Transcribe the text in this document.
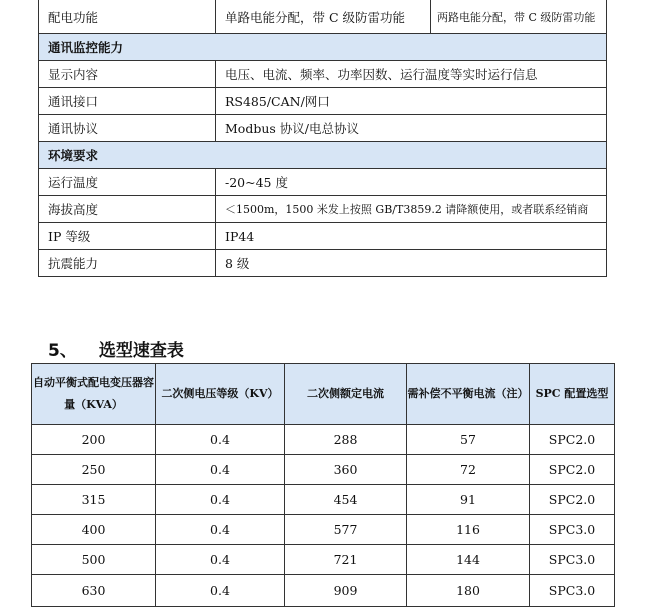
配电功能	单路电能分配，带 C 级防雷功能	两路电能分配，带 C 级防雷功能
通讯监控能力		
显示内容	电压、电流、频率、功率因数、运行温度等实时运行信息	
通讯接口	RS485/CAN/网口	
通讯协议	Modbus 协议/电总协议	
环境要求		
运行温度	-20~45 度	
海拔高度	＜1500m，1500 米发上按照 GB/T3859.2 请降额使用，或者联系经销商	
IP 等级	IP44	
抗震能力	8 级	
5、 选型速查表
自动平衡式配电变压器容量（KVA）	二次侧电压等级（KV）	二次侧额定电流	需补偿不平衡电流（注）	SPC 配置选型
200	0.4	288	57	SPC2.0
250	0.4	360	72	SPC2.0
315	0.4	454	91	SPC2.0
400	0.4	577	116	SPC3.0
500	0.4	721	144	SPC3.0
630	0.4	909	180	SPC3.0
